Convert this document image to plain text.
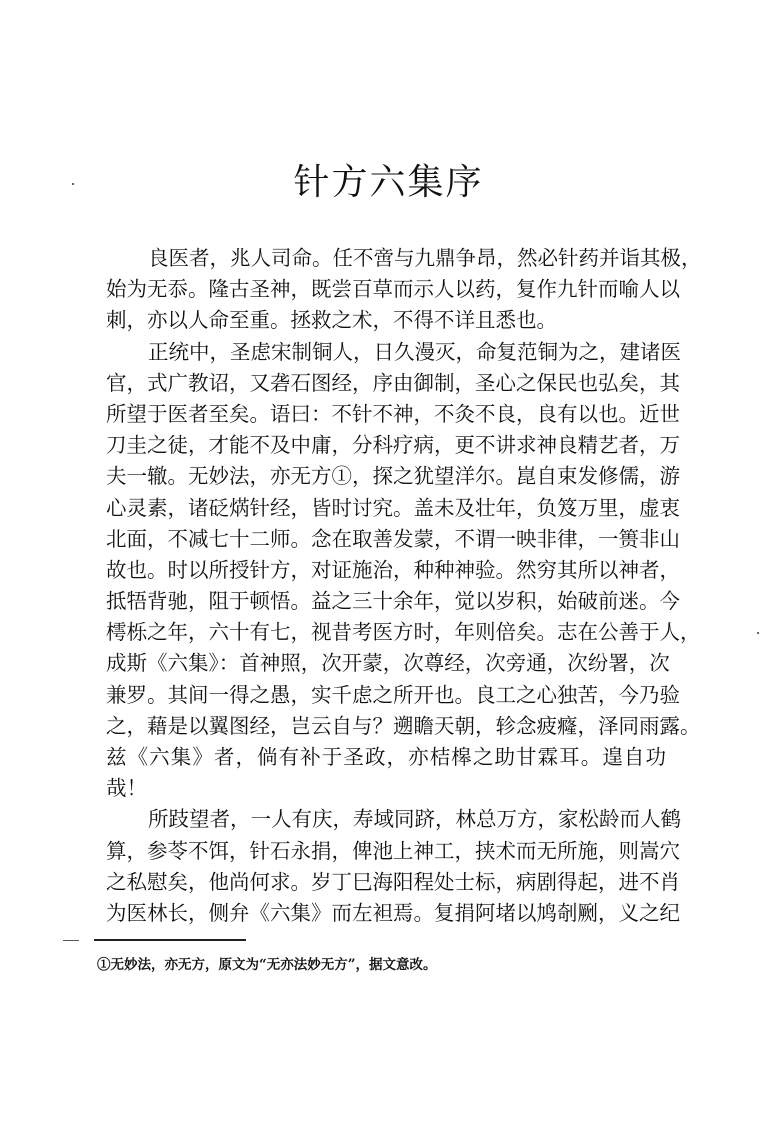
针方六集序
良医者，兆人司命。任不啻与九鼎争昂，然必针药并诣其极，
始为无忝。隆古圣神，既尝百草而示人以药，复作九针而喻人以
刺，亦以人命至重。拯救之术，不得不详且悉也。
正统中，圣虑宋制铜人，日久漫灭，命复范铜为之，建诸医
官，式广教诏，又砻石图经，序由御制，圣心之保民也弘矣，其
所望于医者至矣。语曰：不针不神，不灸不良，良有以也。近世
刀圭之徒，才能不及中庸，分科疗病，更不讲求神良精艺者，万
夫一辙。无妙法，亦无方①，探之犹望洋尔。崑自束发修儒，游
心灵素，诸砭焫针经，皆时讨究。盖未及壮年，负笈万里，虚衷
北面，不减七十二师。念在取善发蒙，不谓一映非律，一篑非山
故也。时以所授针方，对证施治，种种神验。然穷其所以神者，
抵牾背驰，阻于顿悟。益之三十余年，觉以岁积，始破前迷。今
樗栎之年，六十有七，视昔考医方时，年则倍矣。志在公善于人，
成斯《六集》：首神照，次开蒙，次尊经，次旁通，次纷署，次
兼罗。其间一得之愚，实千虑之所开也。良工之心独苦，今乃验
之，藉是以翼图经，岂云自与？遡瞻天朝，轸念疲癃，泽同雨露。
兹《六集》者，倘有补于圣政，亦桔槔之助甘霖耳。遑自功
哉！
所跂望者，一人有庆，寿域同跻，林总万方，家松龄而人鹤
算，参苓不饵，针石永捐，俾池上神工，挟术而无所施，则嵩穴
之私慰矣，他尚何求。岁丁巳海阳程处士标，病剧得起，进不肖
为医林长，侧弁《六集》而左袒焉。复捐阿堵以鸠剞劂，义之纪
①无妙法，亦无方，原文为“无亦法妙无方”，据文意改。
